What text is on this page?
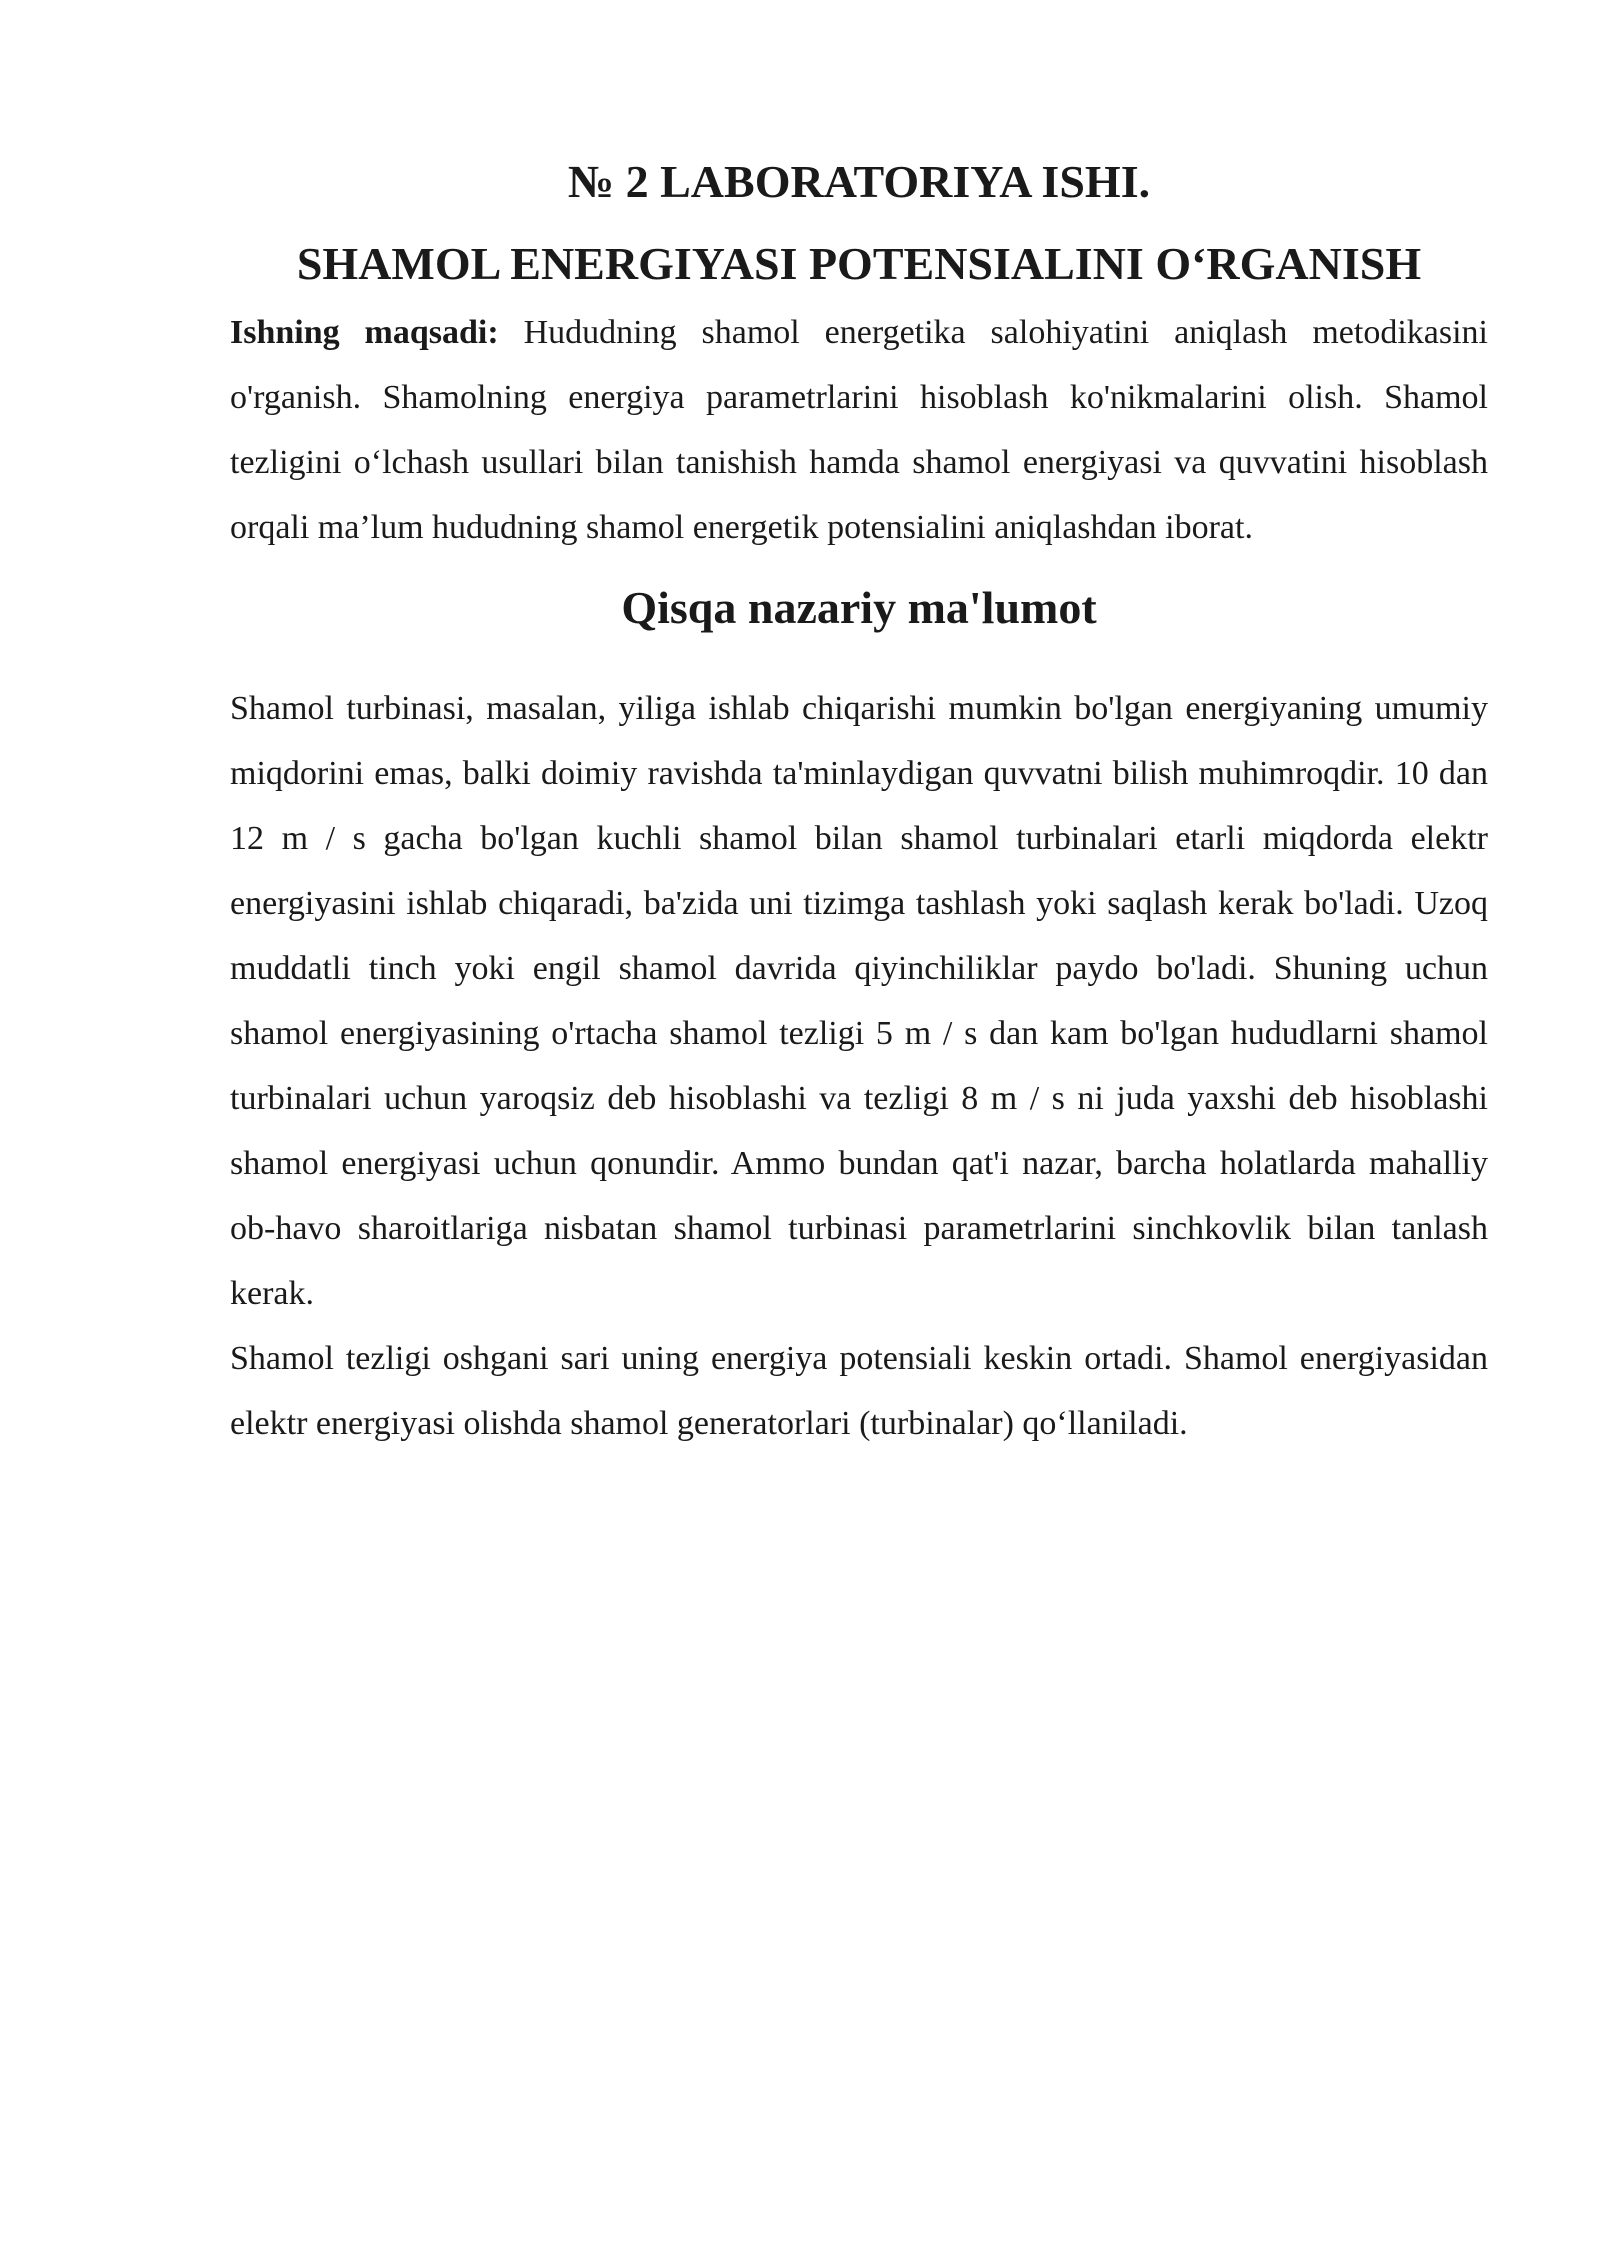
№ 2 LABORATORIYA ISHI.
SHAMOL ENERGIYASI POTENSIALINI O‘RGANISH

Ishning maqsadi: Hududning shamol energetika salohiyatini aniqlash metodikasini o'rganish. Shamolning energiya parametrlarini hisoblash ko'nikmalarini olish. Shamol tezligini o‘lchash usullari bilan tanishish hamda shamol energiyasi va quvvatini hisoblash orqali ma’lum hududning shamol energetik potensialini aniqlashdan iborat.

Qisqa nazariy ma'lumot

Shamol turbinasi, masalan, yiliga ishlab chiqarishi mumkin bo'lgan energiyaning umumiy miqdorini emas, balki doimiy ravishda ta'minlaydigan quvvatni bilish muhimroqdir. 10 dan 12 m / s gacha bo'lgan kuchli shamol bilan shamol turbinalari etarli miqdorda elektr energiyasini ishlab chiqaradi, ba'zida uni tizimga tashlash yoki saqlash kerak bo'ladi. Uzoq muddatli tinch yoki engil shamol davrida qiyinchiliklar paydo bo'ladi. Shuning uchun shamol energiyasining o'rtacha shamol tezligi 5 m / s dan kam bo'lgan hududlarni shamol turbinalari uchun yaroqsiz deb hisoblashi va tezligi 8 m / s ni juda yaxshi deb hisoblashi shamol energiyasi uchun qonundir. Ammo bundan qat'i nazar, barcha holatlarda mahalliy ob-havo sharoitlariga nisbatan shamol turbinasi parametrlarini sinchkovlik bilan tanlash kerak.

Shamol tezligi oshgani sari uning energiya potensiali keskin ortadi. Shamol energiyasidan elektr energiyasi olishda shamol generatorlari (turbinalar) qo‘llaniladi.
